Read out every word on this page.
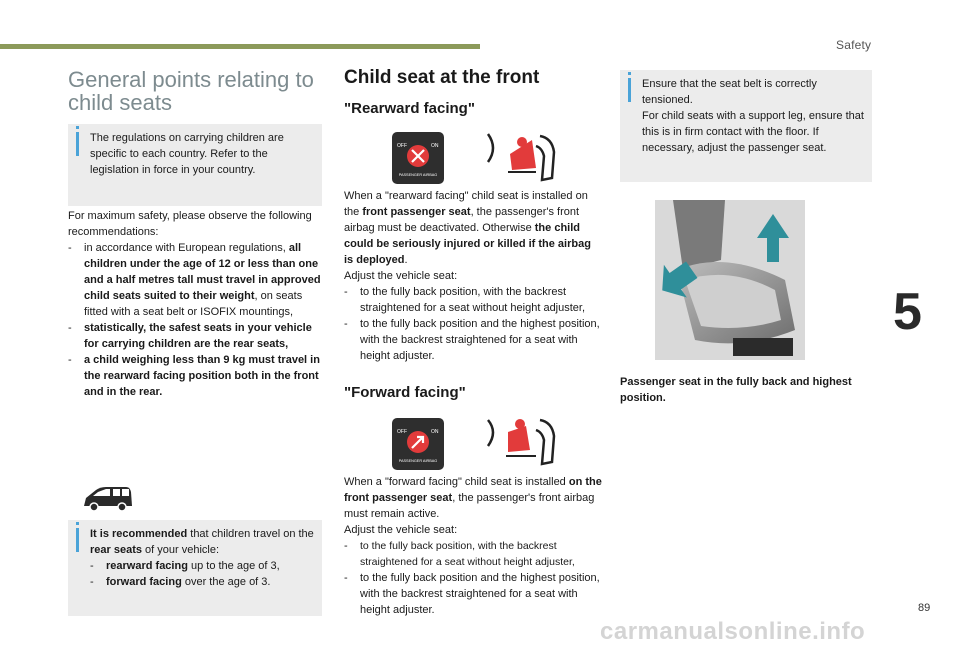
Safety
5
89
carmanualsonline.info
General points relating to child seats
The regulations on carrying children are specific to each country. Refer to the legislation in force in your country.

For maximum safety, please observe the following recommendations:

- in accordance with European regulations, all children under the age of 12 or less than one and a half metres tall must travel in approved child seats suited to their weight, on seats fitted with a seat belt or ISOFIX mountings,
- statistically, the safest seats in your vehicle for carrying children are the rear seats,
- a child weighing less than 9 kg must travel in the rearward facing position both in the front and in the rear.
It is recommended that children travel on the rear seats of your vehicle:
- rearward facing up to the age of 3,
- forward facing over the age of 3.
Child seat at the front
"Rearward facing"
OFF	ON
PASSENGER AIRBAG

When a "rearward facing" child seat is installed on the front passenger seat, the passenger's front airbag must be deactivated. Otherwise the child could be seriously injured or killed if the airbag is deployed.

Adjust the vehicle seat:

- to the fully back position, with the backrest straightened for a seat without height adjuster,
- to the fully back position and the highest position, with the backrest straightened for a seat with height adjuster.
"Forward facing"
OFF	ON
PASSENGER AIRBAG

When a "forward facing" child seat is installed on the front passenger seat, the passenger's front airbag must remain active.

Adjust the vehicle seat:

- to the fully back position, with the backrest straightened for a seat without height adjuster,
- to the fully back position and the highest position, with the backrest straightened for a seat with height adjuster.
Ensure that the seat belt is correctly tensioned.
For child seats with a support leg, ensure that this is in firm contact with the floor. If necessary, adjust the passenger seat.
Passenger seat in the fully back and highest position.
